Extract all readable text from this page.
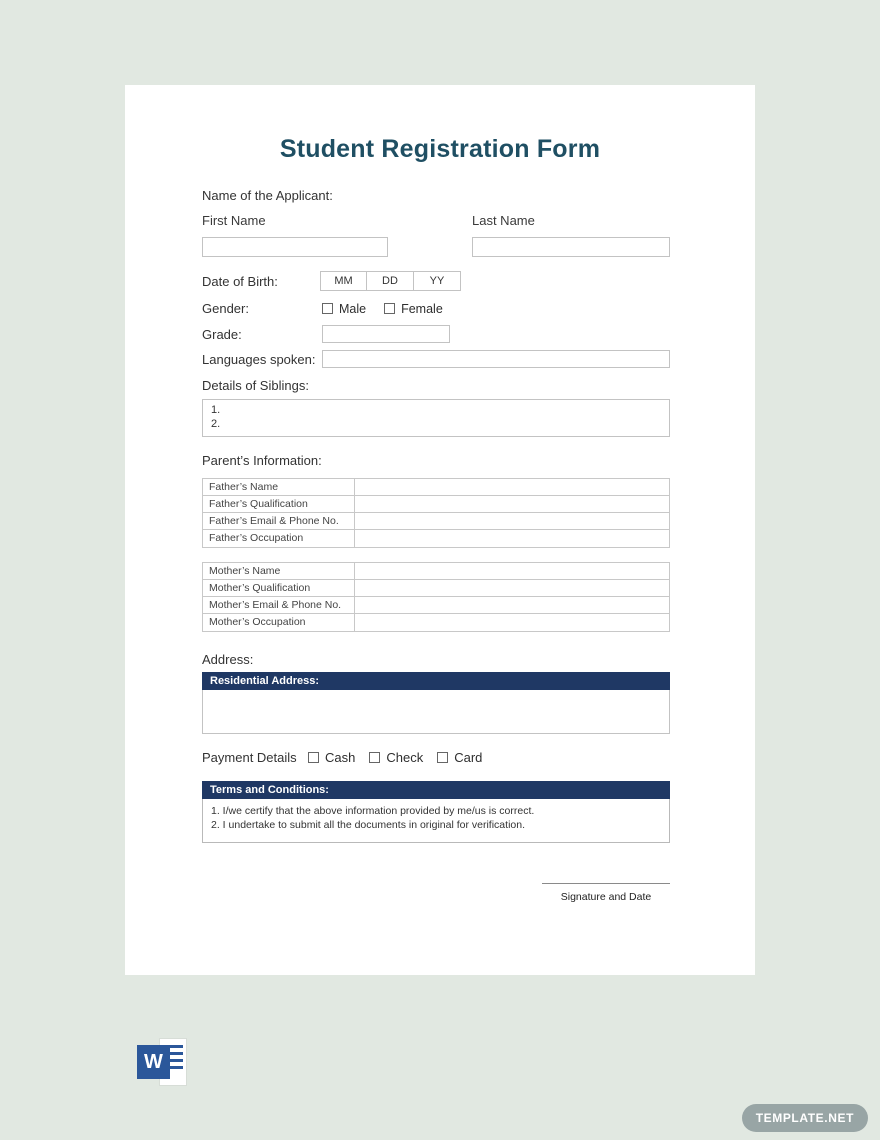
Student Registration Form
Name of the Applicant:
First Name	Last Name
Date of Birth:	MM	DD	YY
Gender:	Male	Female
Grade:
Languages spoken:
Details of Siblings:
1.
2.
Parent’s Information:
Father’s Name
Father’s Qualification
Father’s Email & Phone No.
Father’s Occupation
Mother’s Name
Mother’s Qualification
Mother’s Email & Phone No.
Mother’s Occupation
Address:
Residential Address:
Payment Details	Cash Check Card
Terms and Conditions:
1. I/we certify that the above information provided by me/us is correct.
2. I undertake to submit all the documents in original for verification.
Signature and Date
W
TEMPLATE.NET
